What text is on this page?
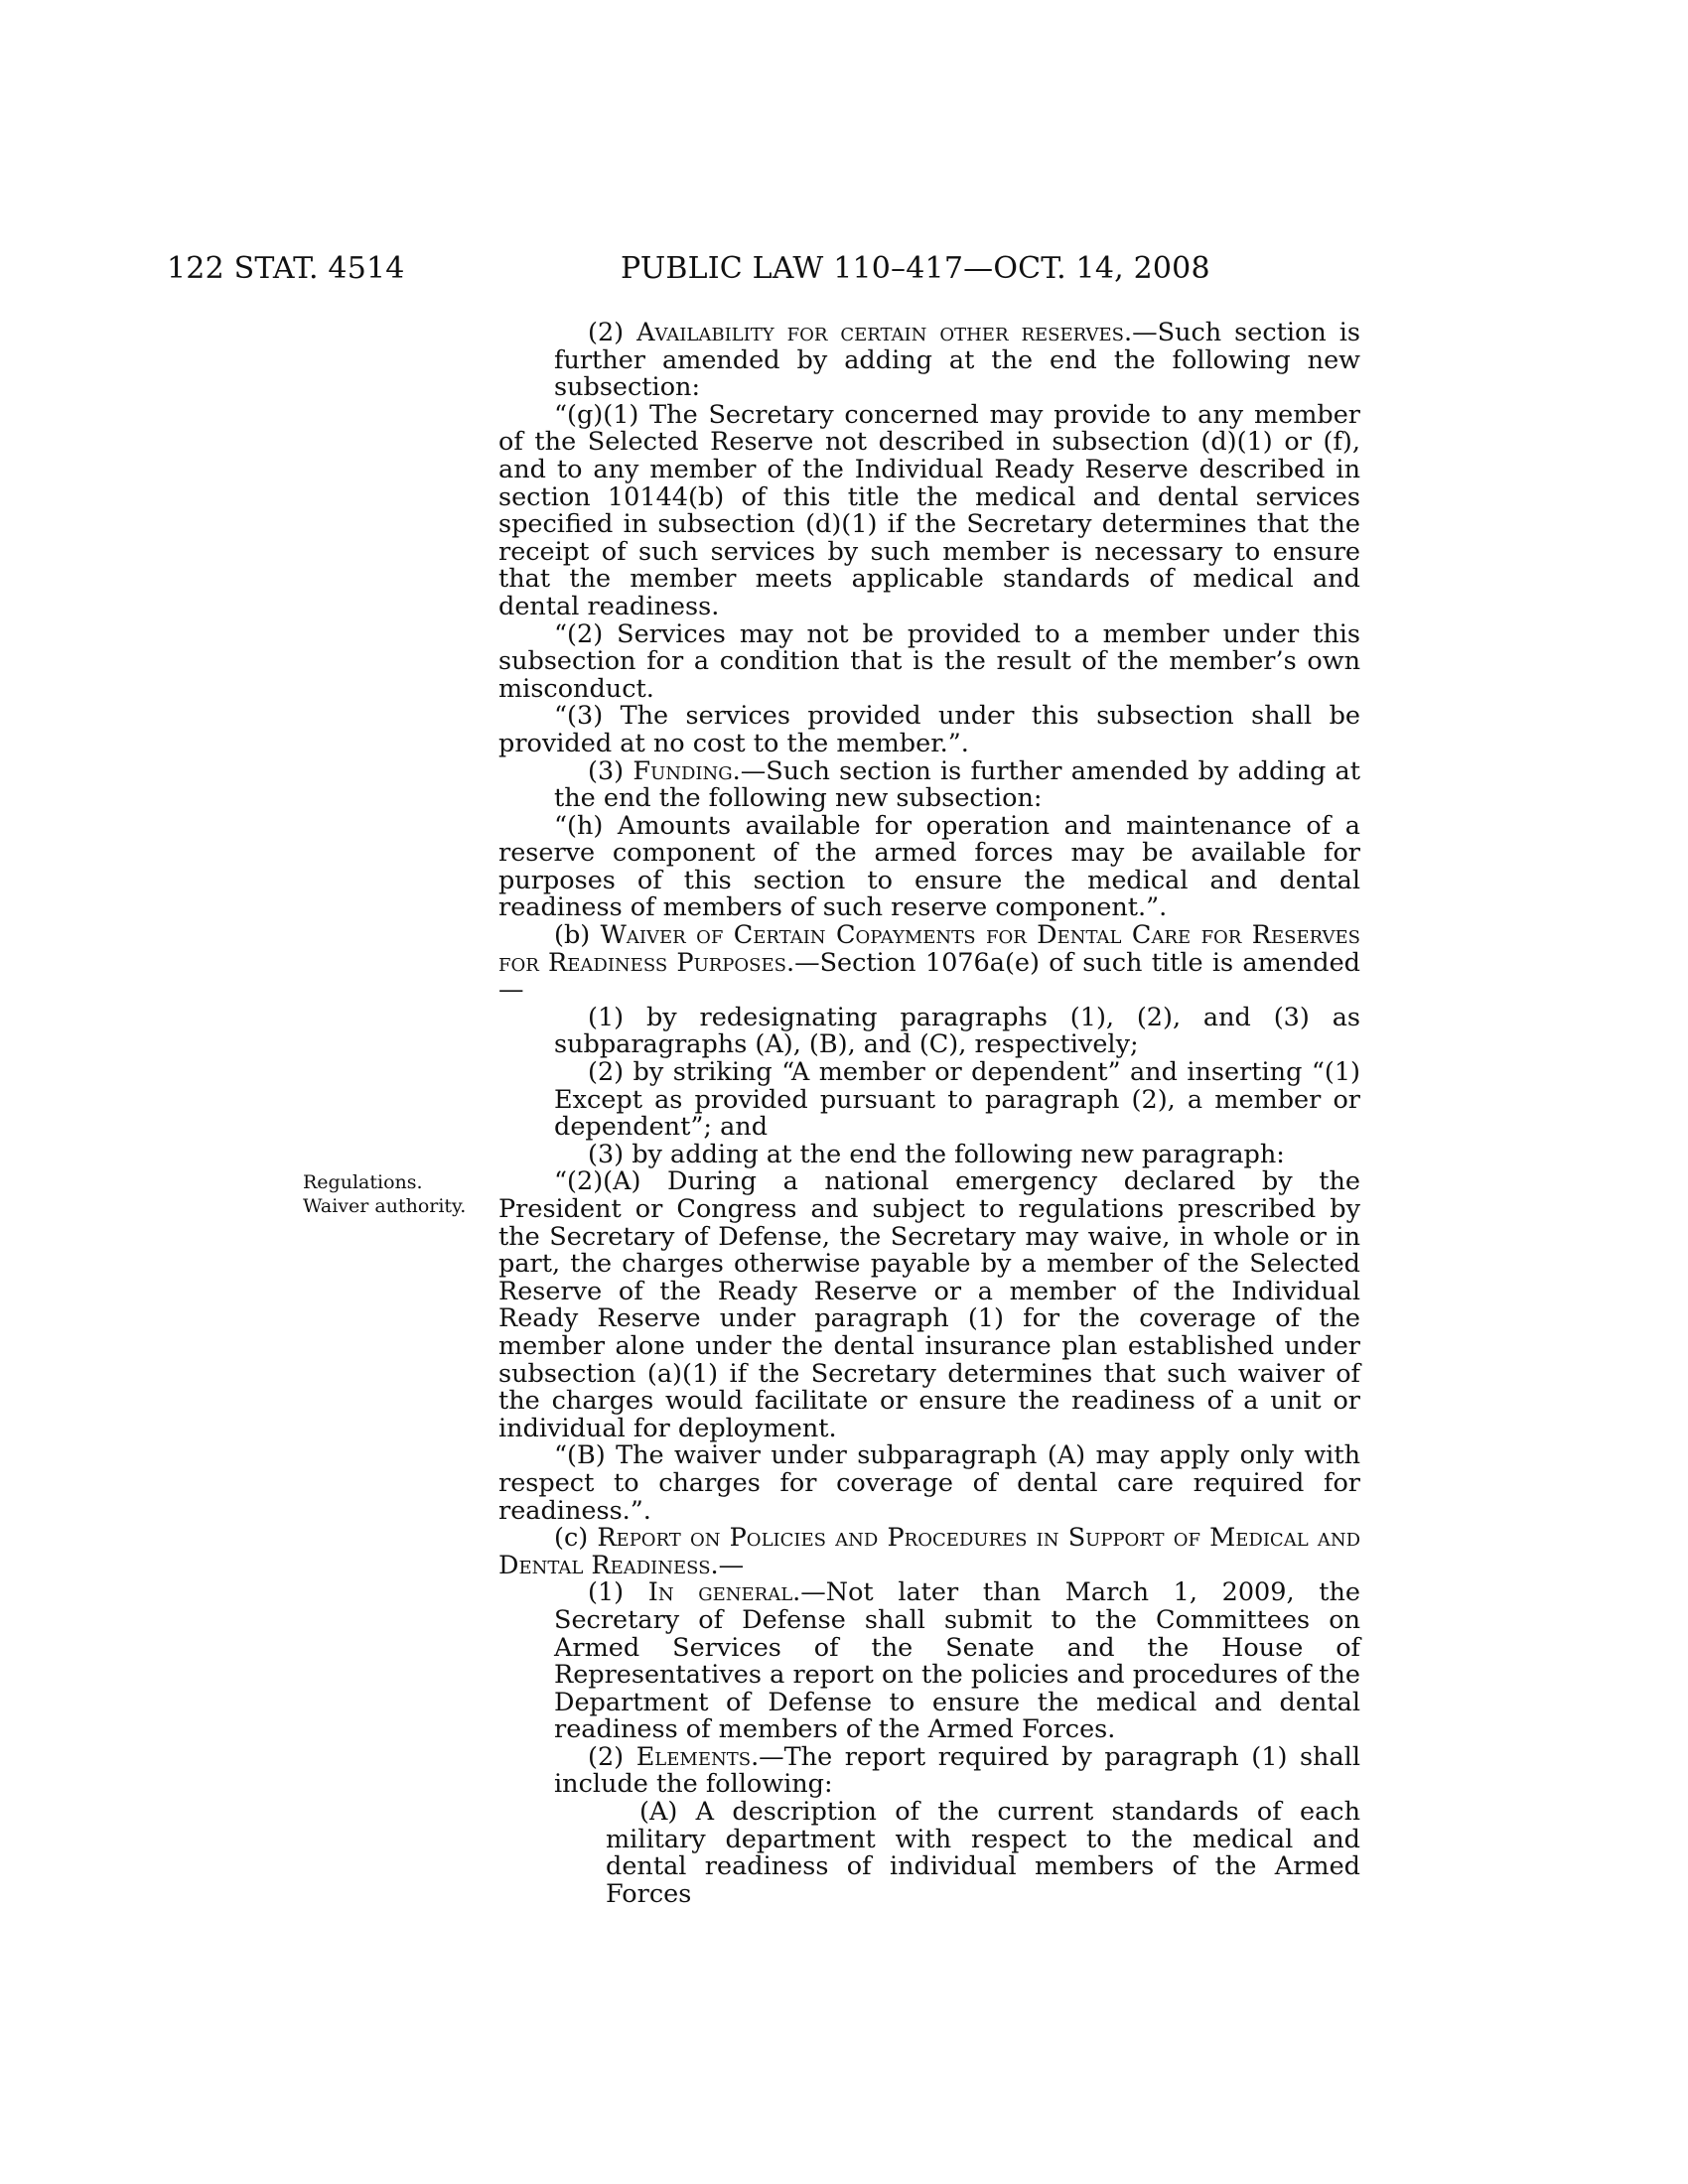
122 STAT. 4514	PUBLIC LAW 110–417—OCT. 14, 2008
Regulations.
Waiver authority.

(2) Availability for certain other reserves.—Such section is further amended by adding at the end the following new subsection:

“(g)(1) The Secretary concerned may provide to any member of the Selected Reserve not described in subsection (d)(1) or (f), and to any member of the Individual Ready Reserve described in section 10144(b) of this title the medical and dental services specified in subsection (d)(1) if the Secretary determines that the receipt of such services by such member is necessary to ensure that the member meets applicable standards of medical and dental readiness.

“(2) Services may not be provided to a member under this subsection for a condition that is the result of the member’s own misconduct.

“(3) The services provided under this subsection shall be provided at no cost to the member.”.

(3) Funding.—Such section is further amended by adding at the end the following new subsection:

“(h) Amounts available for operation and maintenance of a reserve component of the armed forces may be available for purposes of this section to ensure the medical and dental readiness of members of such reserve component.”.

(b) Waiver of Certain Copayments for Dental Care for Reserves for Readiness Purposes.—Section 1076a(e) of such title is amended—

(1) by redesignating paragraphs (1), (2), and (3) as subparagraphs (A), (B), and (C), respectively;

(2) by striking “A member or dependent” and inserting “(1) Except as provided pursuant to paragraph (2), a member or dependent”; and

(3) by adding at the end the following new paragraph:

“(2)(A) During a national emergency declared by the President or Congress and subject to regulations prescribed by the Secretary of Defense, the Secretary may waive, in whole or in part, the charges otherwise payable by a member of the Selected Reserve of the Ready Reserve or a member of the Individual Ready Reserve under paragraph (1) for the coverage of the member alone under the dental insurance plan established under subsection (a)(1) if the Secretary determines that such waiver of the charges would facilitate or ensure the readiness of a unit or individual for deployment.

“(B) The waiver under subparagraph (A) may apply only with respect to charges for coverage of dental care required for readiness.”.

(c) Report on Policies and Procedures in Support of Medical and Dental Readiness.—

(1) In general.—Not later than March 1, 2009, the Secretary of Defense shall submit to the Committees on Armed Services of the Senate and the House of Representatives a report on the policies and procedures of the Department of Defense to ensure the medical and dental readiness of members of the Armed Forces.

(2) Elements.—The report required by paragraph (1) shall include the following:

(A) A description of the current standards of each military department with respect to the medical and dental readiness of individual members of the Armed Forces
